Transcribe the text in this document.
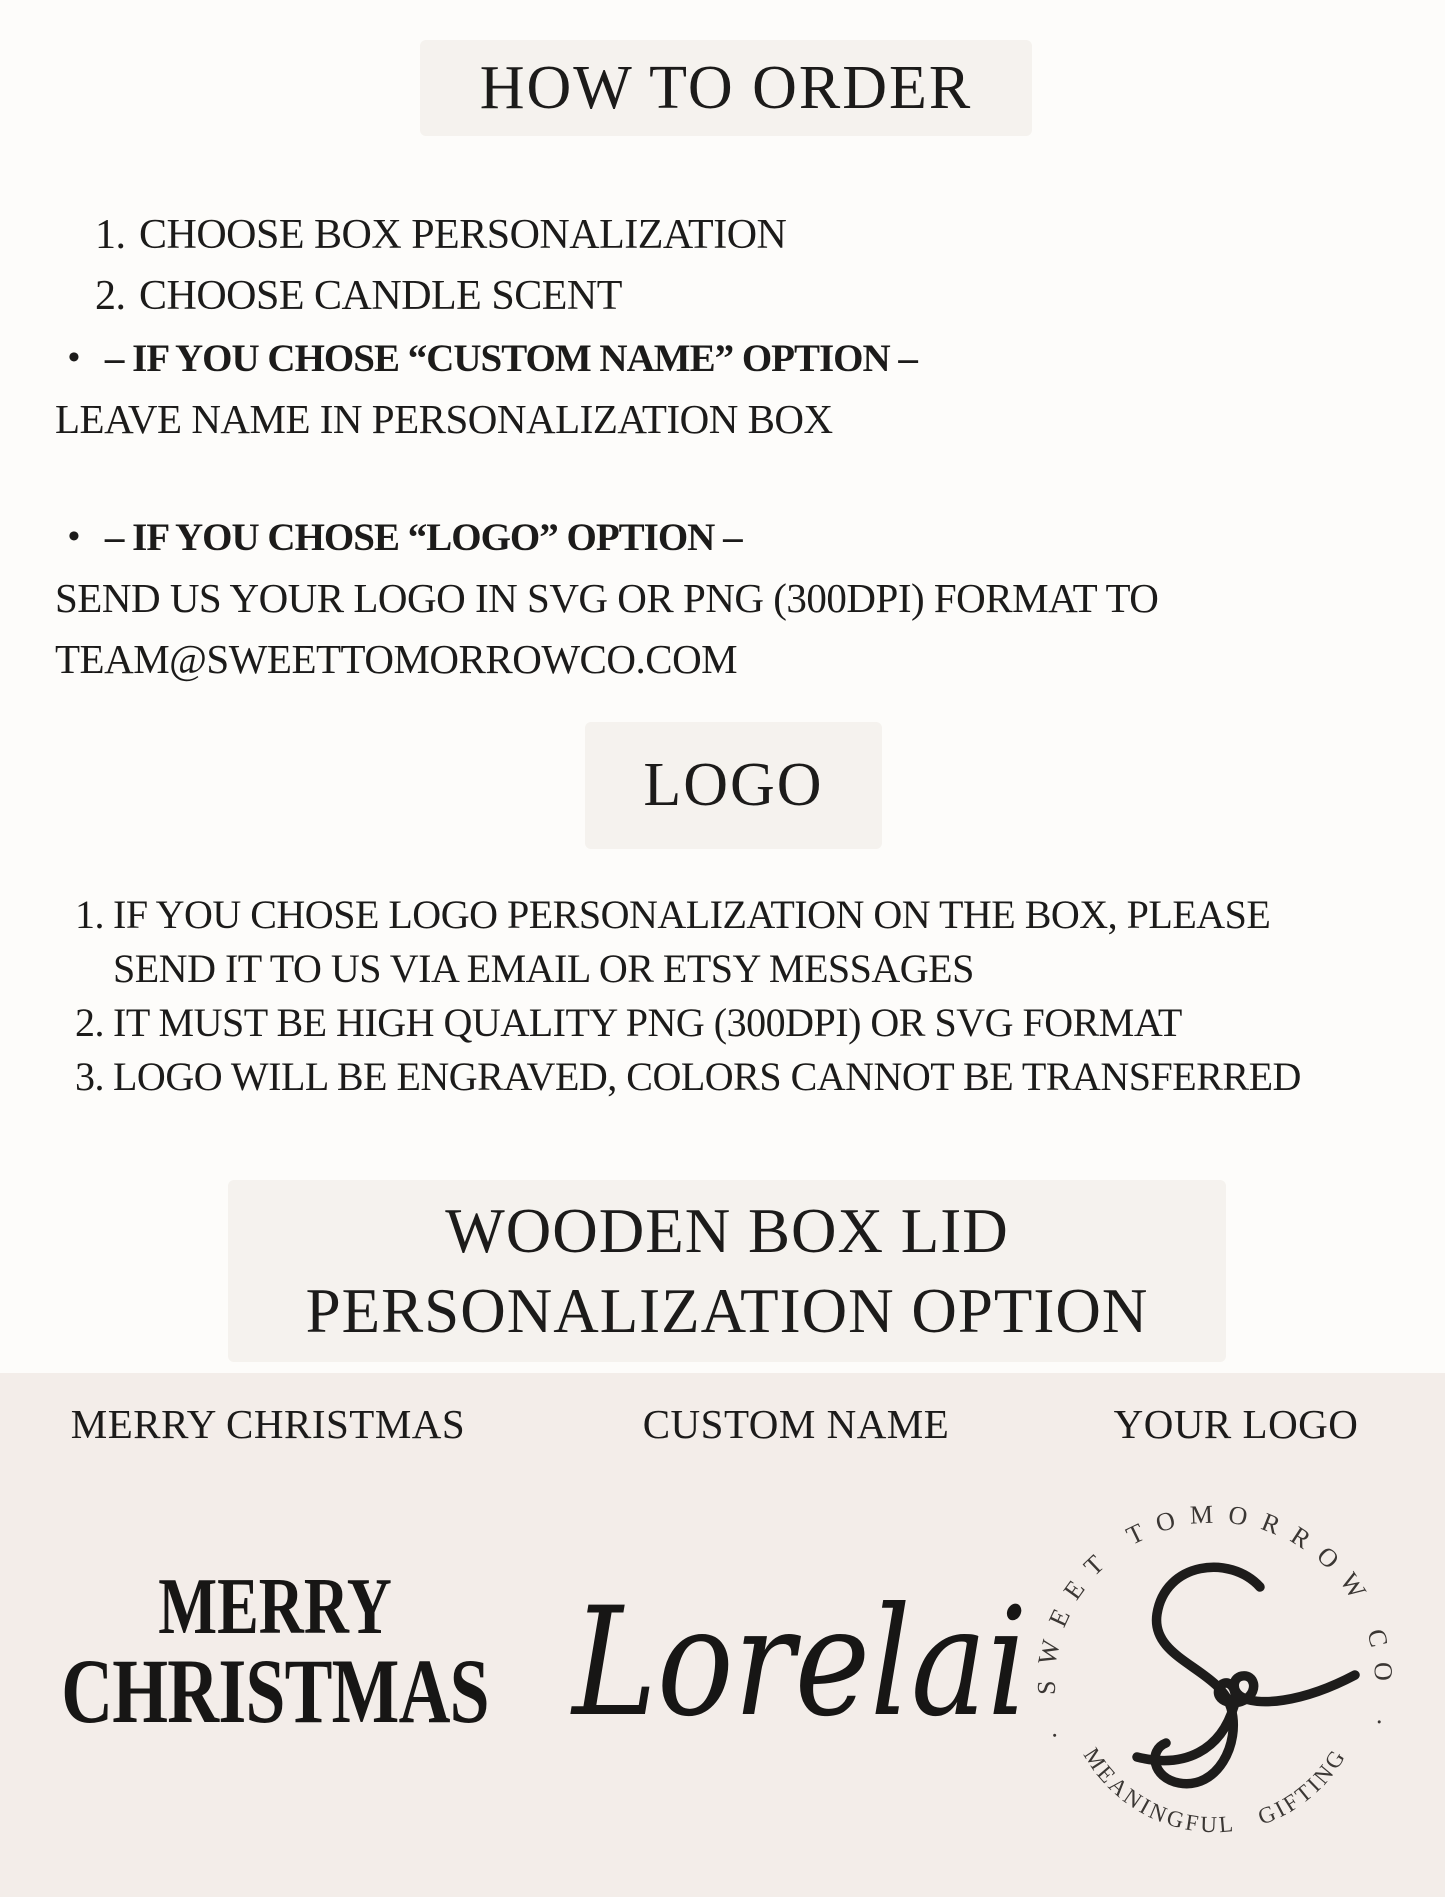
HOW TO ORDER
1. CHOOSE BOX PERSONALIZATION
2. CHOOSE CANDLE SCENT
• – IF YOU CHOSE “CUSTOM NAME” OPTION –
LEAVE NAME IN PERSONALIZATION BOX
• – IF YOU CHOSE “LOGO” OPTION –
SEND US YOUR LOGO IN SVG OR PNG (300DPI) FORMAT TO
TEAM@SWEETTOMORROWCO.COM
LOGO
1. IF YOU CHOSE LOGO PERSONALIZATION ON THE BOX, PLEASE
SEND IT TO US VIA EMAIL OR ETSY MESSAGES
2. IT MUST BE HIGH QUALITY PNG (300DPI) OR SVG FORMAT
3. LOGO WILL BE ENGRAVED, COLORS CANNOT BE TRANSFERRED
WOODEN BOX LID
PERSONALIZATION OPTION
MERRY CHRISTMAS	CUSTOM NAME	YOUR LOGO
MERRY
CHRISTMAS Lorelai · SWEET TOMORROW CO ·
MEANINGFUL GIFTING
